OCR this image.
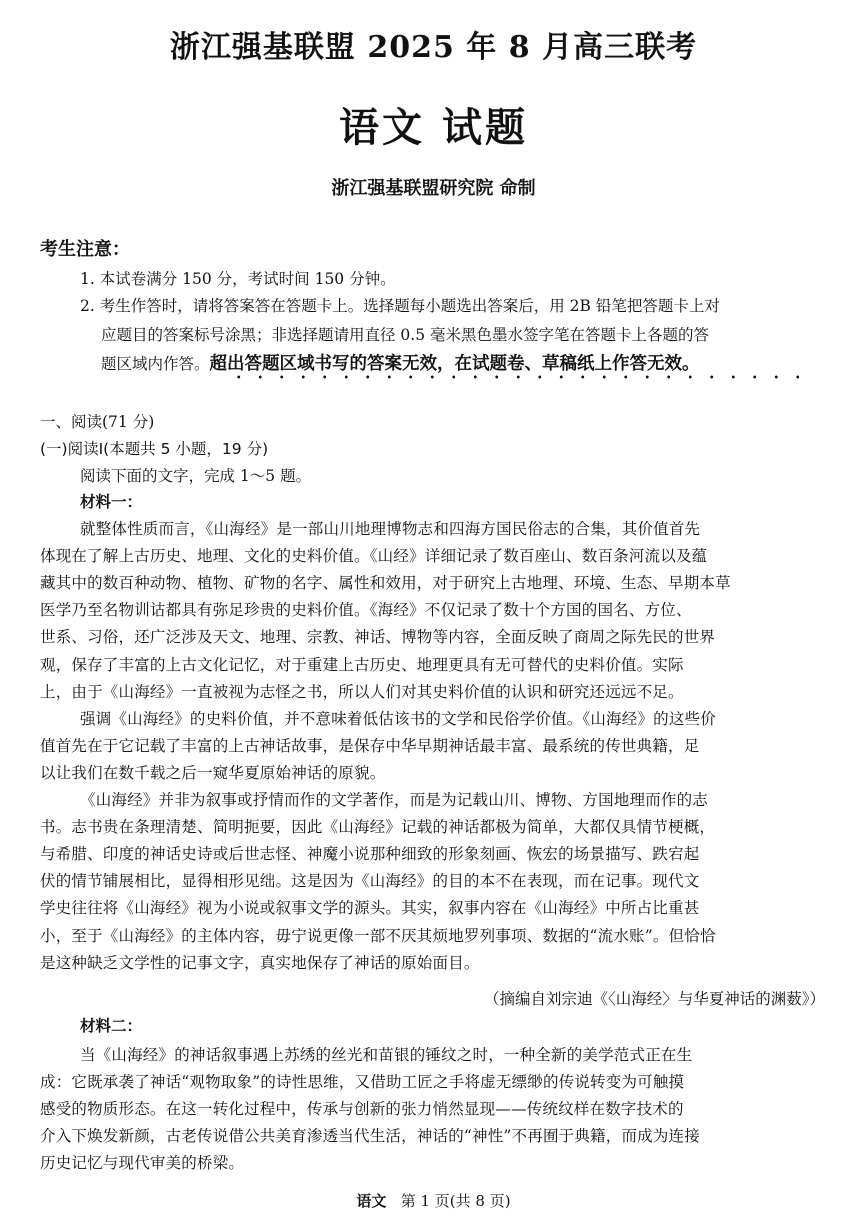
浙江强基联盟 2025 年 8 月高三联考
语文 试题
浙江强基联盟研究院 命制
考生注意：
1. 本试卷满分 150 分，考试时间 150 分钟。
2. 考生作答时，请将答案答在答题卡上。选择题每小题选出答案后，用 2B 铅笔把答题卡上对
应题目的答案标号涂黑；非选择题请用直径 0.5 毫米黑色墨水签字笔在答题卡上各题的答
题区域内作答。超出答题区域书写的答案无效，在试题卷、草稿纸上作答无效。
一、阅读(71 分)
(一)阅读Ⅰ(本题共 5 小题，19 分)
阅读下面的文字，完成 1～5 题。
材料一：
就整体性质而言，《山海经》是一部山川地理博物志和四海方国民俗志的合集，其价值首先
体现在了解上古历史、地理、文化的史料价值。《山经》详细记录了数百座山、数百条河流以及蕴
藏其中的数百种动物、植物、矿物的名字、属性和效用，对于研究上古地理、环境、生态、早期本草
医学乃至名物训诂都具有弥足珍贵的史料价值。《海经》不仅记录了数十个方国的国名、方位、
世系、习俗，还广泛涉及天文、地理、宗教、神话、博物等内容，全面反映了商周之际先民的世界
观，保存了丰富的上古文化记忆，对于重建上古历史、地理更具有无可替代的史料价值。实际
上，由于《山海经》一直被视为志怪之书，所以人们对其史料价值的认识和研究还远远不足。
强调《山海经》的史料价值，并不意味着低估该书的文学和民俗学价值。《山海经》的这些价
值首先在于它记载了丰富的上古神话故事，是保存中华早期神话最丰富、最系统的传世典籍，足
以让我们在数千载之后一窥华夏原始神话的原貌。
《山海经》并非为叙事或抒情而作的文学著作，而是为记载山川、博物、方国地理而作的志
书。志书贵在条理清楚、简明扼要，因此《山海经》记载的神话都极为简单，大都仅具情节梗概，
与希腊、印度的神话史诗或后世志怪、神魔小说那种细致的形象刻画、恢宏的场景描写、跌宕起
伏的情节铺展相比，显得相形见绌。这是因为《山海经》的目的本不在表现，而在记事。现代文
学史往往将《山海经》视为小说或叙事文学的源头。其实，叙事内容在《山海经》中所占比重甚
小，至于《山海经》的主体内容，毋宁说更像一部不厌其烦地罗列事项、数据的“流水账”。但恰恰
是这种缺乏文学性的记事文字，真实地保存了神话的原始面目。
（摘编自刘宗迪《〈山海经〉与华夏神话的渊薮》）
材料二：
当《山海经》的神话叙事遇上苏绣的丝光和苗银的锤纹之时，一种全新的美学范式正在生
成：它既承袭了神话“观物取象”的诗性思维，又借助工匠之手将虚无缥缈的传说转变为可触摸
感受的物质形态。在这一转化过程中，传承与创新的张力悄然显现——传统纹样在数字技术的
介入下焕发新颜，古老传说借公共美育渗透当代生活，神话的“神性”不再囿于典籍，而成为连接
历史记忆与现代审美的桥梁。
语文 第 1 页(共 8 页)
